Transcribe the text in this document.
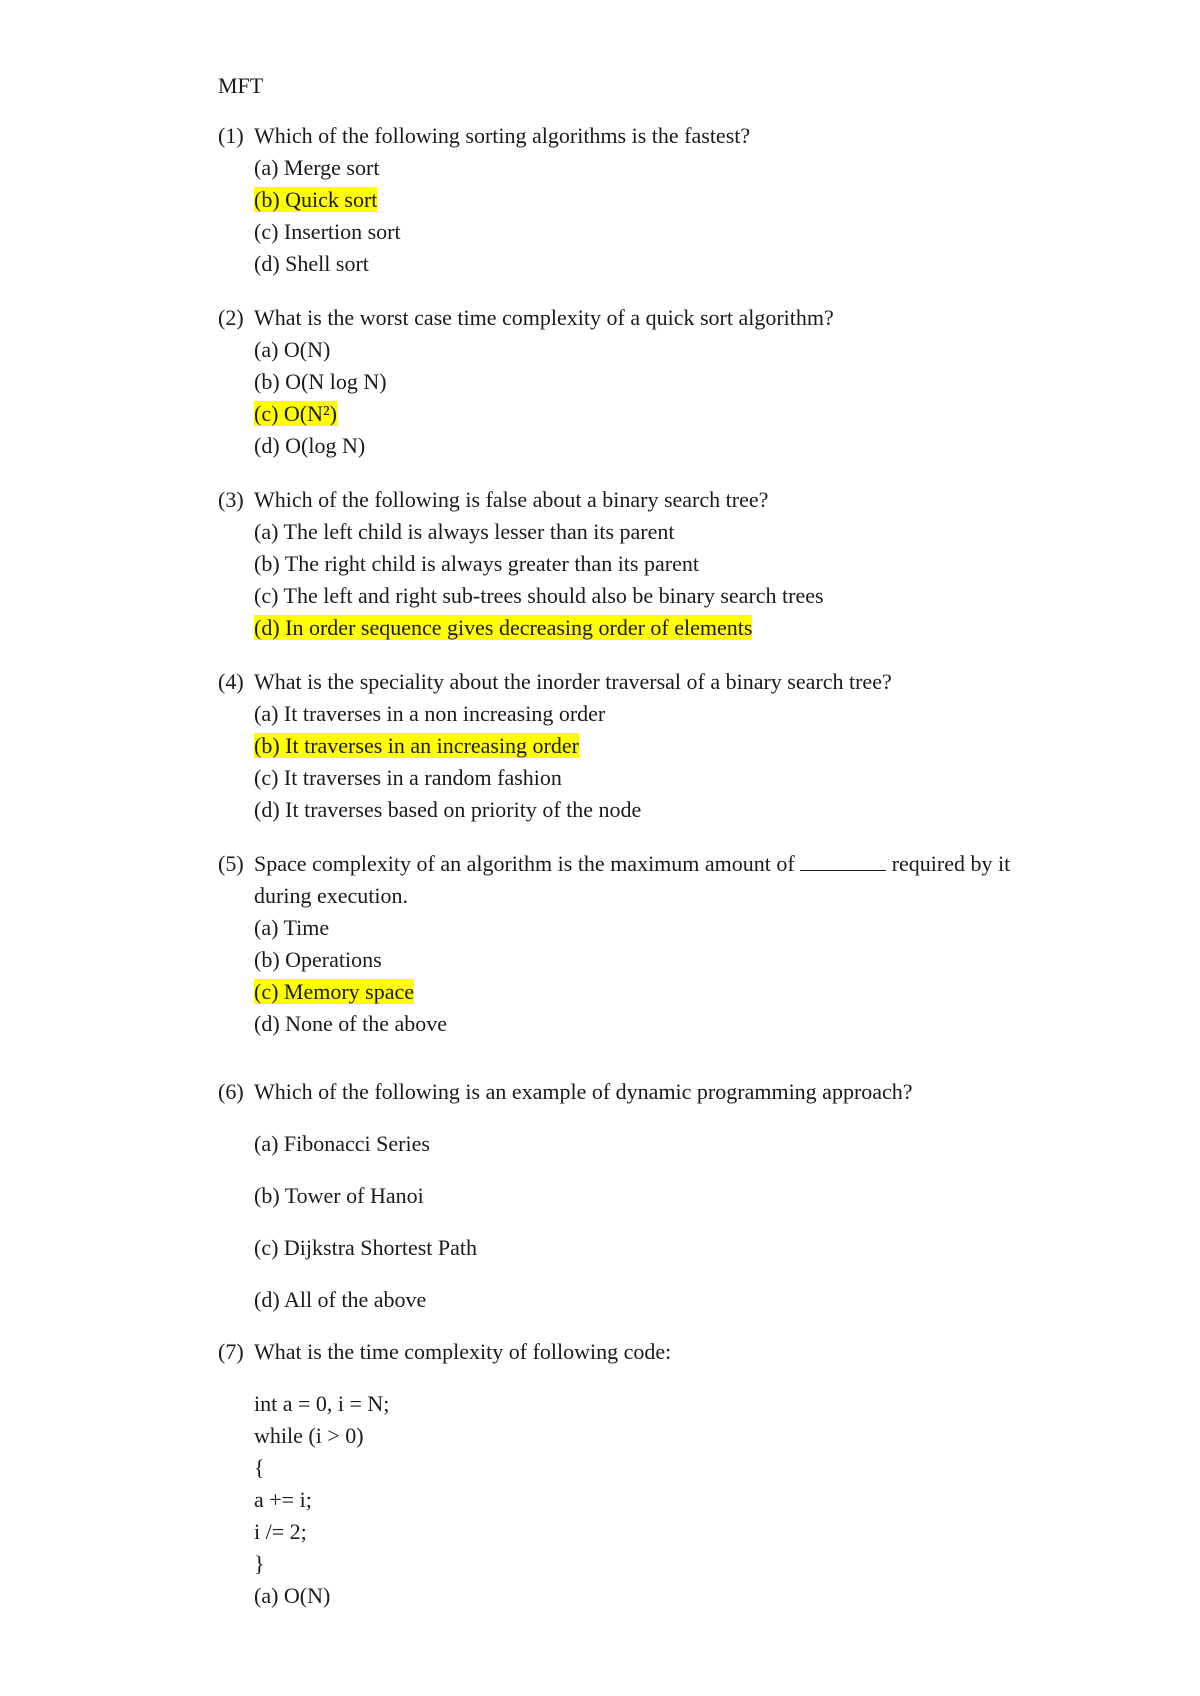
MFT
(1) Which of the following sorting algorithms is the fastest?
(a) Merge sort
(b) Quick sort
(c) Insertion sort
(d) Shell sort
(2) What is the worst case time complexity of a quick sort algorithm?
(a) O(N)
(b) O(N log N)
(c) O(N²)
(d) O(log N)
(3) Which of the following is false about a binary search tree?
(a) The left child is always lesser than its parent
(b) The right child is always greater than its parent
(c) The left and right sub-trees should also be binary search trees
(d) In order sequence gives decreasing order of elements
(4) What is the speciality about the inorder traversal of a binary search tree?
(a) It traverses in a non increasing order
(b) It traverses in an increasing order
(c) It traverses in a random fashion
(d) It traverses based on priority of the node
(5) Space complexity of an algorithm is the maximum amount of	required by it during execution.
(a) Time
(b) Operations
(c) Memory space
(d) None of the above
(6) Which of the following is an example of dynamic programming approach?
(a) Fibonacci Series
(b) Tower of Hanoi
(c) Dijkstra Shortest Path
(d) All of the above
(7) What is the time complexity of following code:
int a = 0, i = N;
while (i > 0)
{
a += i;
i /= 2;
}
(a) O(N)
